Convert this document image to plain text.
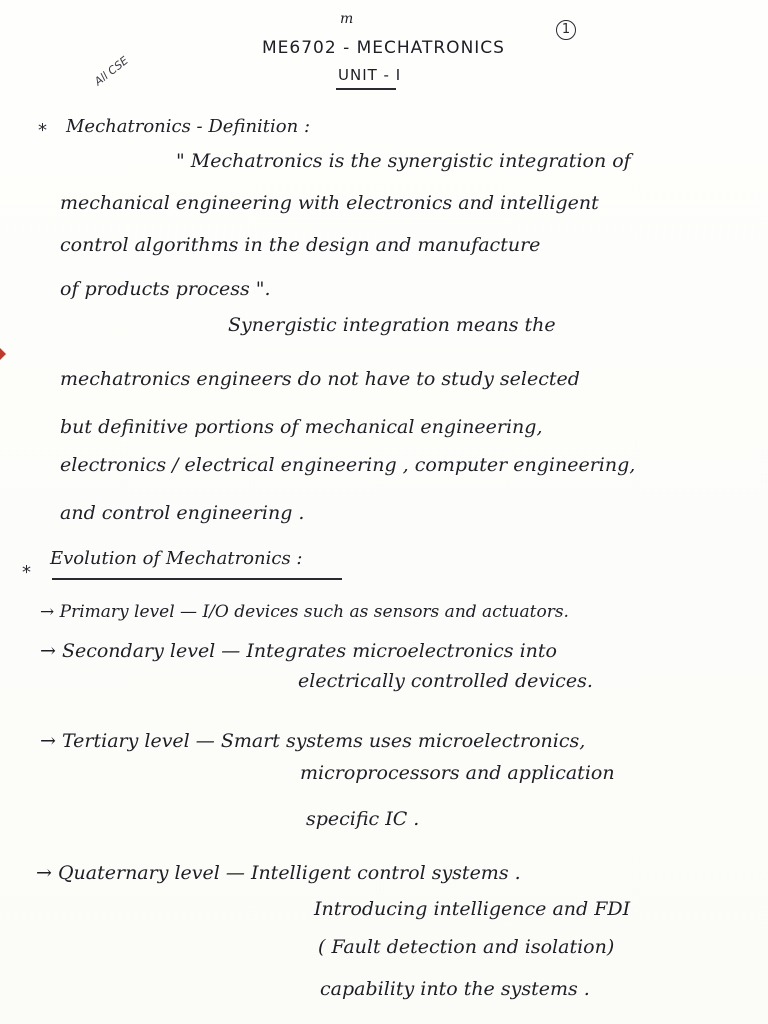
m
1
All CSE
ME6702 - MECHATRONICS
UNIT - I
* Mechatronics - Definition :
" Mechatronics is the synergistic integration of
mechanical engineering with electronics and intelligent
control algorithms in the design and manufacture
of products process ".
Synergistic integration means the
mechatronics engineers do not have to study selected
but definitive portions of mechanical engineering,
electronics / electrical engineering , computer engineering,
and control engineering .
*
Evolution of Mechatronics :
→ Primary level — I/O devices such as sensors and actuators.
→ Secondary level — Integrates microelectronics into
electrically controlled devices.
→ Tertiary level — Smart systems uses microelectronics,
microprocessors and application
specific IC .
→ Quaternary level — Intelligent control systems .
Introducing intelligence and FDI
( Fault detection and isolation)
capability into the systems .
